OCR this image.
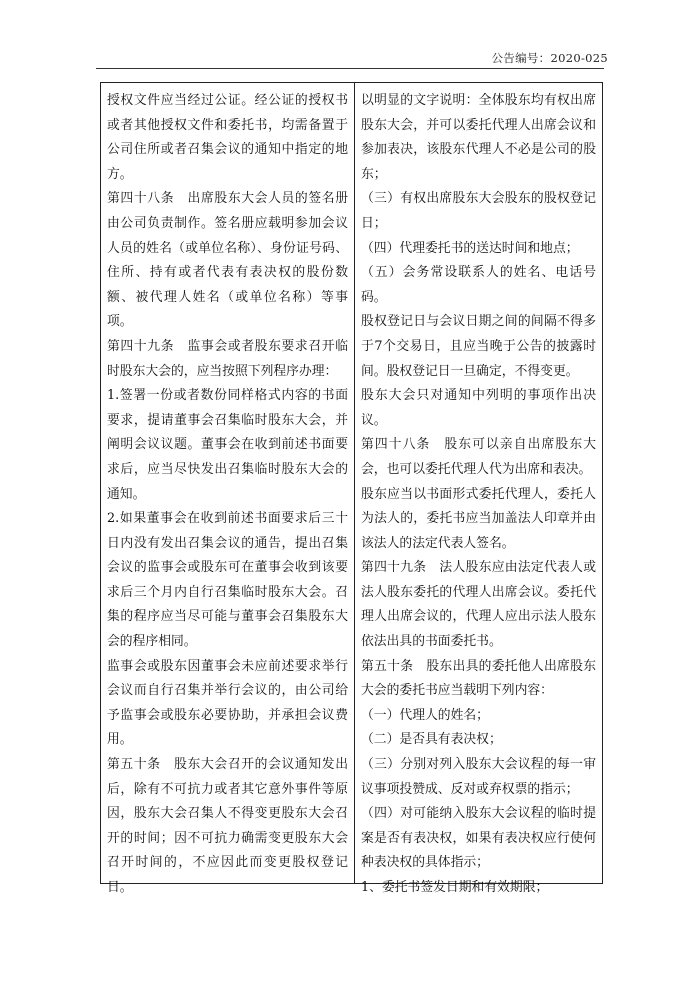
公告编号：2020-025

授权文件应当经过公证。经公证的授权书或者其他授权文件和委托书，均需备置于公司住所或者召集会议的通知中指定的地方。

第四十八条　出席股东大会人员的签名册由公司负责制作。签名册应载明参加会议人员的姓名（或单位名称）、身份证号码、住所、持有或者代表有表决权的股份数额、被代理人姓名（或单位名称）等事项。

第四十九条　监事会或者股东要求召开临时股东大会的，应当按照下列程序办理：

1.签署一份或者数份同样格式内容的书面要求，提请董事会召集临时股东大会，并阐明会议议题。董事会在收到前述书面要求后，应当尽快发出召集临时股东大会的通知。

2.如果董事会在收到前述书面要求后三十日内没有发出召集会议的通告，提出召集会议的监事会或股东可在董事会收到该要求后三个月内自行召集临时股东大会。召集的程序应当尽可能与董事会召集股东大会的程序相同。

监事会或股东因董事会未应前述要求举行会议而自行召集并举行会议的，由公司给予监事会或股东必要协助，并承担会议费用。

第五十条　股东大会召开的会议通知发出后，除有不可抗力或者其它意外事件等原因，股东大会召集人不得变更股东大会召开的时间；因不可抗力确需变更股东大会召开时间的，不应因此而变更股权登记日。

以明显的文字说明：全体股东均有权出席股东大会，并可以委托代理人出席会议和参加表决，该股东代理人不必是公司的股东；

（三）有权出席股东大会股东的股权登记日；

（四）代理委托书的送达时间和地点；

（五）会务常设联系人的姓名、电话号码。

股权登记日与会议日期之间的间隔不得多于7个交易日，且应当晚于公告的披露时间。股权登记日一旦确定，不得变更。

股东大会只对通知中列明的事项作出决议。

第四十八条　股东可以亲自出席股东大会，也可以委托代理人代为出席和表决。

股东应当以书面形式委托代理人，委托人为法人的，委托书应当加盖法人印章并由该法人的法定代表人签名。

第四十九条　法人股东应由法定代表人或法人股东委托的代理人出席会议。委托代理人出席会议的，代理人应出示法人股东依法出具的书面委托书。

第五十条　股东出具的委托他人出席股东大会的委托书应当载明下列内容：

（一）代理人的姓名；

（二）是否具有表决权；

（三）分别对列入股东大会议程的每一审议事项投赞成、反对或弃权票的指示；

（四）对可能纳入股东大会议程的临时提案是否有表决权，如果有表决权应行使何种表决权的具体指示；

1、委托书签发日期和有效期限；
